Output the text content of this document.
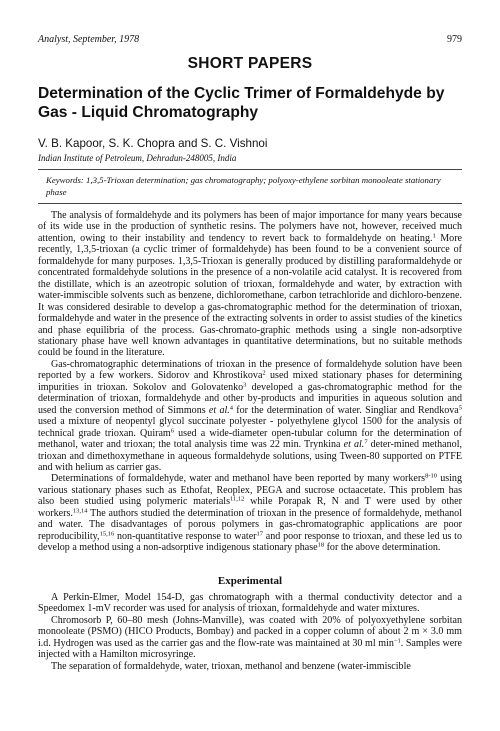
Analyst, September, 1978	979
SHORT PAPERS
Determination of the Cyclic Trimer of Formaldehyde by Gas - Liquid Chromatography
V. B. Kapoor, S. K. Chopra and S. C. Vishnoi
Indian Institute of Petroleum, Dehradun-248005, India
Keywords: 1,3,5-Trioxan determination; gas chromatography; polyoxy-ethylene sorbitan monooleate stationary phase

The analysis of formaldehyde and its polymers has been of major importance for many years because of its wide use in the production of synthetic resins. The polymers have not, however, received much attention, owing to their instability and tendency to revert back to formaldehyde on heating.$^1$ More recently, 1,3,5-trioxan (a cyclic trimer of formaldehyde) has been found to be a convenient source of formaldehyde for many purposes. 1,3,5-Trioxan is generally produced by distilling paraformaldehyde or concentrated formaldehyde solutions in the presence of a non-volatile acid catalyst. It is recovered from the distillate, which is an azeotropic solution of trioxan, formaldehyde and water, by extraction with water-immiscible solvents such as benzene, dichloromethane, carbon tetrachloride and dichloro-benzene. It was considered desirable to develop a gas-chromatographic method for the determination of trioxan, formaldehyde and water in the presence of the extracting solvents in order to assist studies of the kinetics and phase equilibria of the process. Gas-chromato-graphic methods using a single non-adsorptive stationary phase have well known advantages in quantitative determinations, but no suitable methods could be found in the literature.

Gas-chromatographic determinations of trioxan in the presence of formaldehyde solution have been reported by a few workers. Sidorov and Khrostikova$^2$ used mixed stationary phases for determining impurities in trioxan. Sokolov and Golovatenko$^3$ developed a gas-chromatographic method for the determination of trioxan, formaldehyde and other by-products and impurities in aqueous solution and used the conversion method of Simmons et al.$^4$ for the determination of water. Singliar and Rendkova$^5$ used a mixture of neopentyl glycol succinate polyester - polyethylene glycol 1500 for the analysis of technical grade trioxan. Quiram$^6$ used a wide-diameter open-tubular column for the determination of methanol, water and trioxan; the total analysis time was 22 min. Trynkina et al.$^7$ deter-mined methanol, trioxan and dimethoxymethane in aqueous formaldehyde solutions, using Tween-80 supported on PTFE and with helium as carrier gas.

Determinations of formaldehyde, water and methanol have been reported by many workers$^{8-10}$ using various stationary phases such as Ethofat, Reoplex, PEGA and sucrose octaacetate. This problem has also been studied using polymeric materials$^{11,12}$ while Porapak R, N and T were used by other workers.$^{13,14}$ The authors studied the determination of trioxan in the presence of formaldehyde, methanol and water. The disadvantages of porous polymers in gas-chromatographic applications are poor reproducibility,$^{15,16}$ non-quantitative response to water$^{17}$ and poor response to trioxan, and these led us to develop a method using a non-adsorptive indigenous stationary phase$^{18}$ for the above determination.

Experimental

A Perkin-Elmer, Model 154-D, gas chromatograph with a thermal conductivity detector and a Speedomex 1-mV recorder was used for analysis of trioxan, formaldehyde and water mixtures.

Chromosorb P, 60–80 mesh (Johns-Manville), was coated with 20% of polyoxyethylene sorbitan monooleate (PSMO) (HICO Products, Bombay) and packed in a copper column of about 2 m × 3.0 mm i.d. Hydrogen was used as the carrier gas and the flow-rate was maintained at 30 ml $\min^{-1}$. Samples were injected with a Hamilton microsyringe.

The separation of formaldehyde, water, trioxan, methanol and benzene (water-immiscible
